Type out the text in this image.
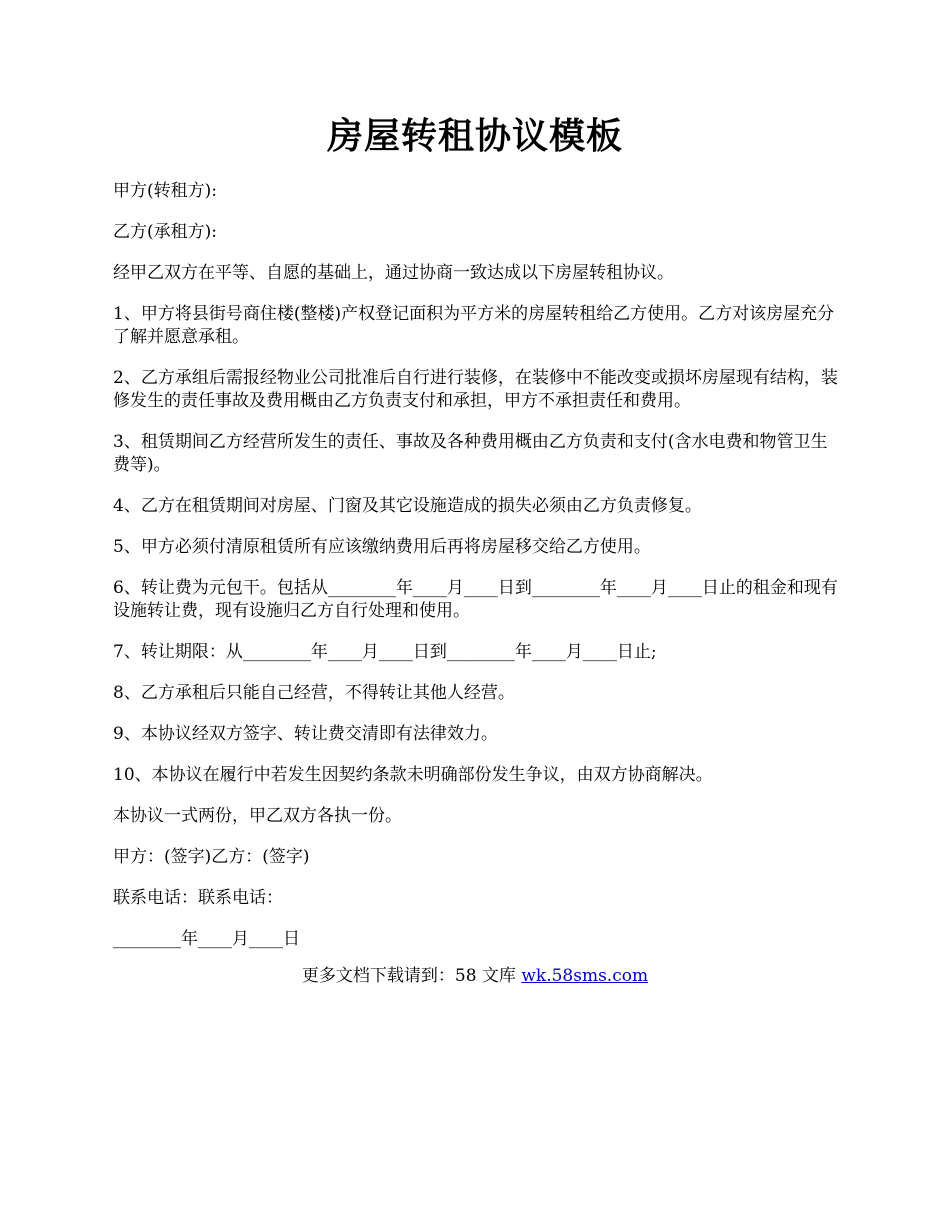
房屋转租协议模板

甲方(转租方):

乙方(承租方):

经甲乙双方在平等、自愿的基础上，通过协商一致达成以下房屋转租协议。

1、甲方将县街号商住楼(整楼)产权登记面积为平方米的房屋转租给乙方使用。乙方对该房屋充分了解并愿意承租。

2、乙方承组后需报经物业公司批准后自行进行装修，在装修中不能改变或损坏房屋现有结构，装修发生的责任事故及费用概由乙方负责支付和承担，甲方不承担责任和费用。

3、租赁期间乙方经营所发生的责任、事故及各种费用概由乙方负责和支付(含水电费和物管卫生费等)。

4、乙方在租赁期间对房屋、门窗及其它设施造成的损失必须由乙方负责修复。

5、甲方必须付清原租赁所有应该缴纳费用后再将房屋移交给乙方使用。

6、转让费为元包干。包括从________年____月____日到________年____月____日止的租金和现有设施转让费，现有设施归乙方自行处理和使用。

7、转让期限：从________年____月____日到________年____月____日止;

8、乙方承租后只能自己经营，不得转让其他人经营。

9、本协议经双方签字、转让费交清即有法律效力。

10、本协议在履行中若发生因契约条款未明确部份发生争议，由双方协商解决。

本协议一式两份，甲乙双方各执一份。

甲方：(签字)乙方：(签字)

联系电话：联系电话：

________年____月____日

更多文档下载请到：58 文库 wk.58sms.com
